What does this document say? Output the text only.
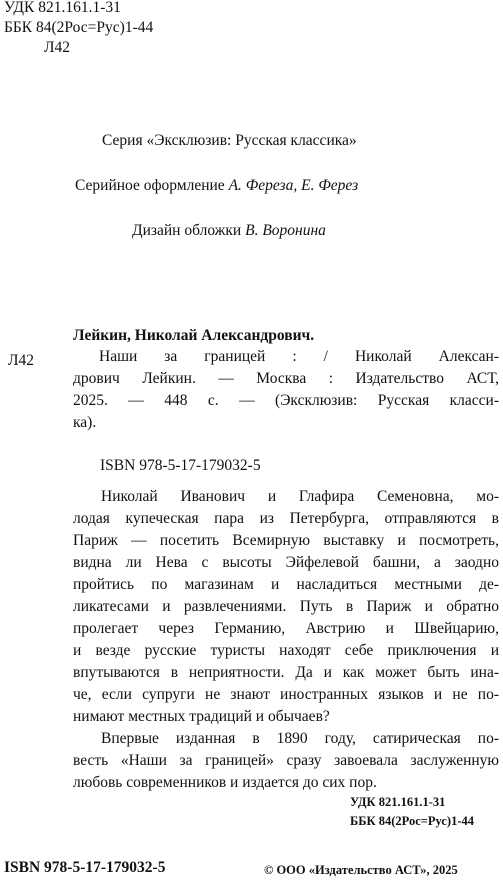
УДК 821.161.1-31
ББК 84(2Рос=Рус)1-44
Л42
Серия «Эксклюзив: Русская классика»
Серийное оформление А. Фереза, Е. Ферез
Дизайн обложки В. Воронина
Л42
Лейкин, Николай Александрович.
Наши за границей : / Николай Алексан-
дрович Лейкин. — Москва : Издательство АСТ,
2025. — 448 с. — (Эксклюзив: Русская класси-
ка).
ISBN 978-5-17-179032-5
Николай Иванович и Глафира Семеновна, мо-
лодая купеческая пара из Петербурга, отправляются в
Париж — посетить Всемирную выставку и посмотреть,
видна ли Нева с высоты Эйфелевой башни, а заодно
пройтись по магазинам и насладиться местными де-
ликатесами и развлечениями. Путь в Париж и обратно
пролегает через Германию, Австрию и Швейцарию,
и везде русские туристы находят себе приключения и
впутываются в неприятности. Да и как может быть ина-
че, если супруги не знают иностранных языков и не по-
нимают местных традиций и обычаев?
Впервые изданная в 1890 году, сатирическая по-
весть «Наши за границей» сразу завоевала заслуженную
любовь современников и издается до сих пор.
УДК 821.161.1-31
ББК 84(2Рос=Рус)1-44
ISBN 978-5-17-179032-5	© ООО «Издательство АСТ», 2025
